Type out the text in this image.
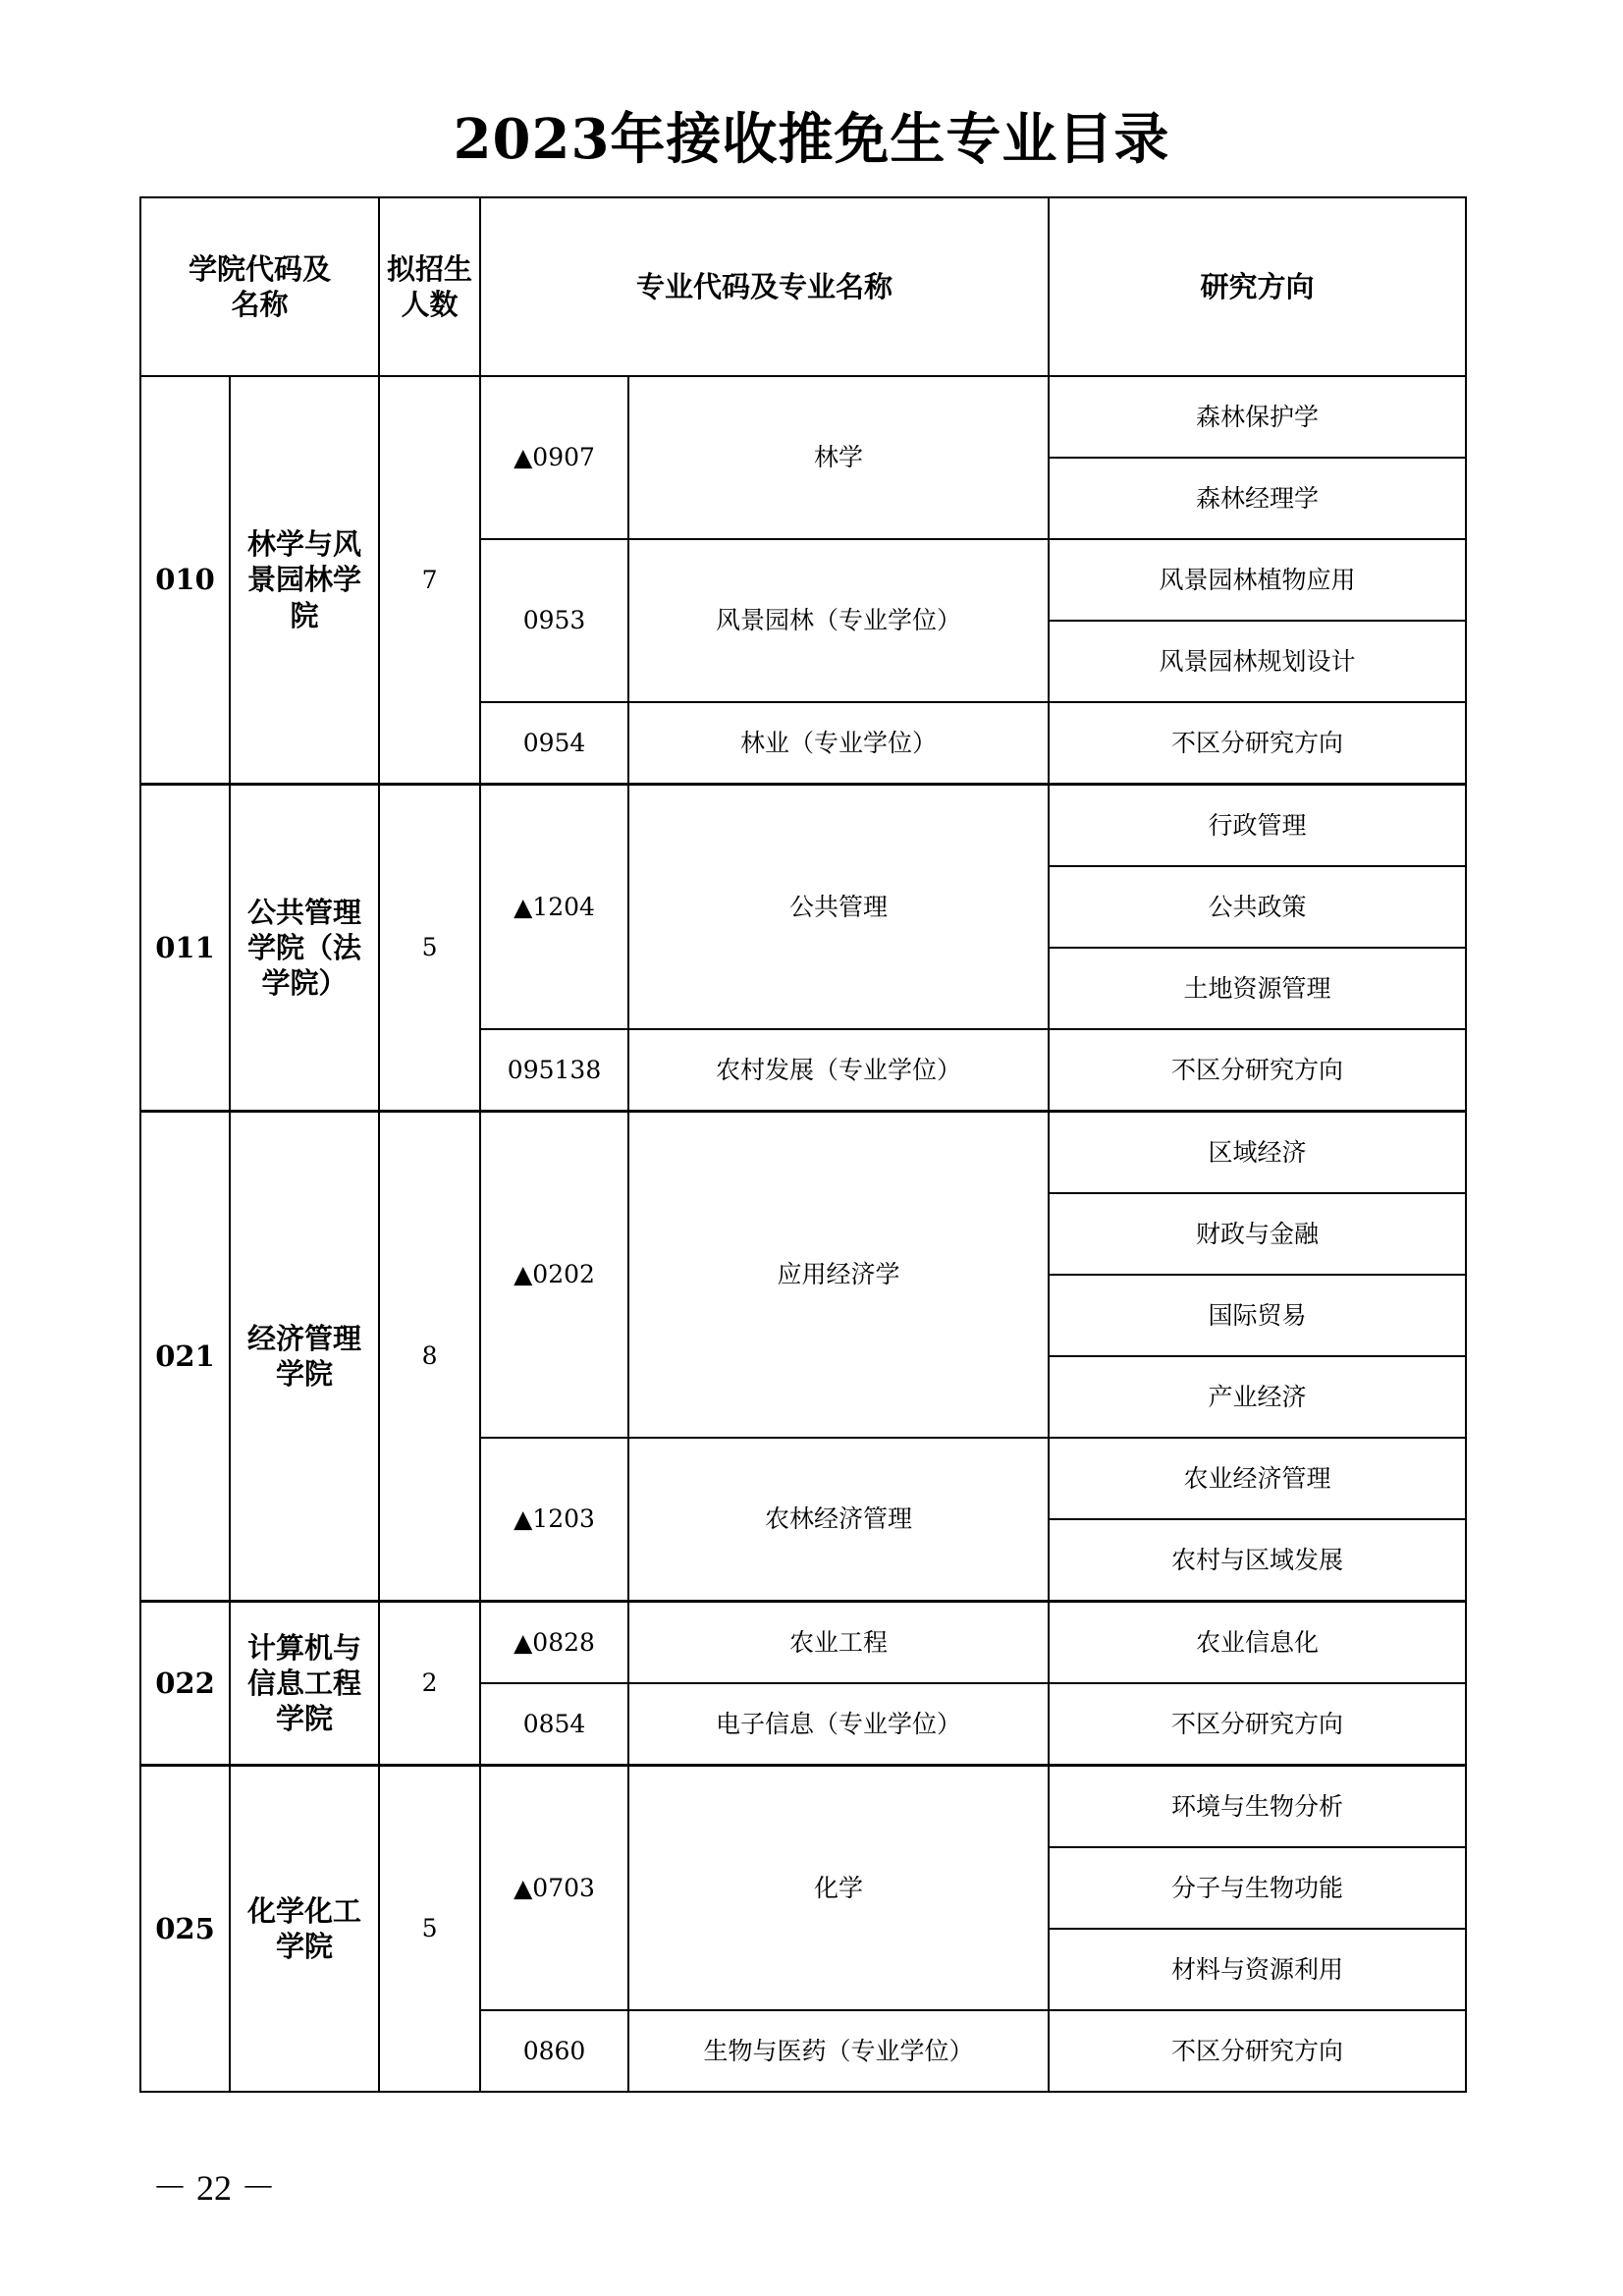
2023年接收推免生专业目录
学院代码及名称		拟招生人数	专业代码及专业名称		研究方向
010	林学与风景园林学院	7	▲0907	林学	森林保护学
					森林经理学
			0953	风景园林（专业学位）	风景园林植物应用
					风景园林规划设计
			0954	林业（专业学位）	不区分研究方向
011	公共管理学院（法学院）	5	▲1204	公共管理	行政管理
					公共政策
					土地资源管理
			095138	农村发展（专业学位）	不区分研究方向
021	经济管理学院	8	▲0202	应用经济学	区域经济
					财政与金融
					国际贸易
					产业经济
			▲1203	农林经济管理	农业经济管理
					农村与区域发展
022	计算机与信息工程学院	2	▲0828	农业工程	农业信息化
			0854	电子信息（专业学位）	不区分研究方向
025	化学化工学院	5	▲0703	化学	环境与生物分析
					分子与生物功能
					材料与资源利用
			0860	生物与医药（专业学位）	不区分研究方向
－ 22 －
